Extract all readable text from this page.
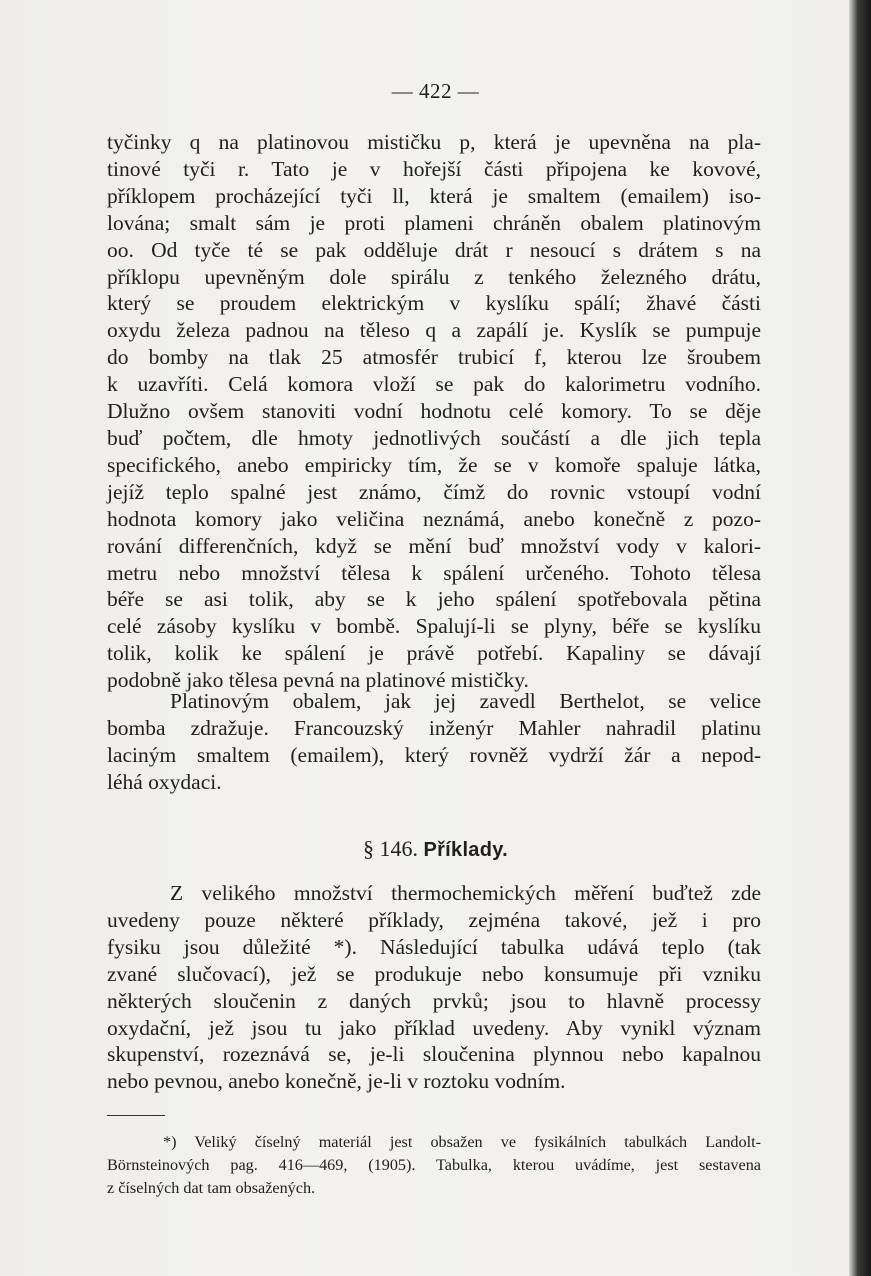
— 422 —

tyčinky q na platinovou mističku p, která je upevněna na pla-
tinové tyči r. Tato je v hořejší části připojena ke kovové,
příklopem procházející tyči ll, která je smaltem (emailem) iso-
lována; smalt sám je proti plameni chráněn obalem platinovým
oo. Od tyče té se pak odděluje drát r nesoucí s drátem s na
příklopu upevněným dole spirálu z tenkého železného drátu,
který se proudem elektrickým v kyslíku spálí; žhavé části
oxydu železa padnou na těleso q a zapálí je. Kyslík se pumpuje
do bomby na tlak 25 atmosfér trubicí f, kterou lze šroubem
k uzavříti. Celá komora vloží se pak do kalorimetru vodního.
Dlužno ovšem stanoviti vodní hodnotu celé komory. To se děje
buď počtem, dle hmoty jednotlivých součástí a dle jich tepla
specifického, anebo empiricky tím, že se v komoře spaluje látka,
jejíž teplo spalné jest známo, čímž do rovnic vstoupí vodní
hodnota komory jako veličina neznámá, anebo konečně z pozo-
rování differenčních, když se mění buď množství vody v kalori-
metru nebo množství tělesa k spálení určeného. Tohoto tělesa
béře se asi tolik, aby se k jeho spálení spotřebovala pětina
celé zásoby kyslíku v bombě. Spalují-li se plyny, béře se kyslíku
tolik, kolik ke spálení je právě potřebí. Kapaliny se dávají
podobně jako tělesa pevná na platinové mističky.

Platinovým obalem, jak jej zavedl Berthelot, se velice
bomba zdražuje. Francouzský inženýr Mahler nahradil platinu
laciným smaltem (emailem), který rovněž vydrží žár a nepod-
léhá oxydaci.

§ 146. Příklady.

Z velikého množství thermochemických měření buďtež zde
uvedeny pouze některé příklady, zejména takové, jež i pro
fysiku jsou důležité *). Následující tabulka udává teplo (tak
zvané slučovací), jež se produkuje nebo konsumuje při vzniku
některých sloučenin z daných prvků; jsou to hlavně processy
oxydační, jež jsou tu jako příklad uvedeny. Aby vynikl význam
skupenství, rozeznává se, je-li sloučenina plynnou nebo kapalnou
nebo pevnou, anebo konečně, je-li v roztoku vodním.

*) Veliký číselný materiál jest obsažen ve fysikálních tabulkách Landolt-
Börnsteinových pag. 416—469, (1905). Tabulka, kterou uvádíme, jest sestavena
z číselných dat tam obsažených.
